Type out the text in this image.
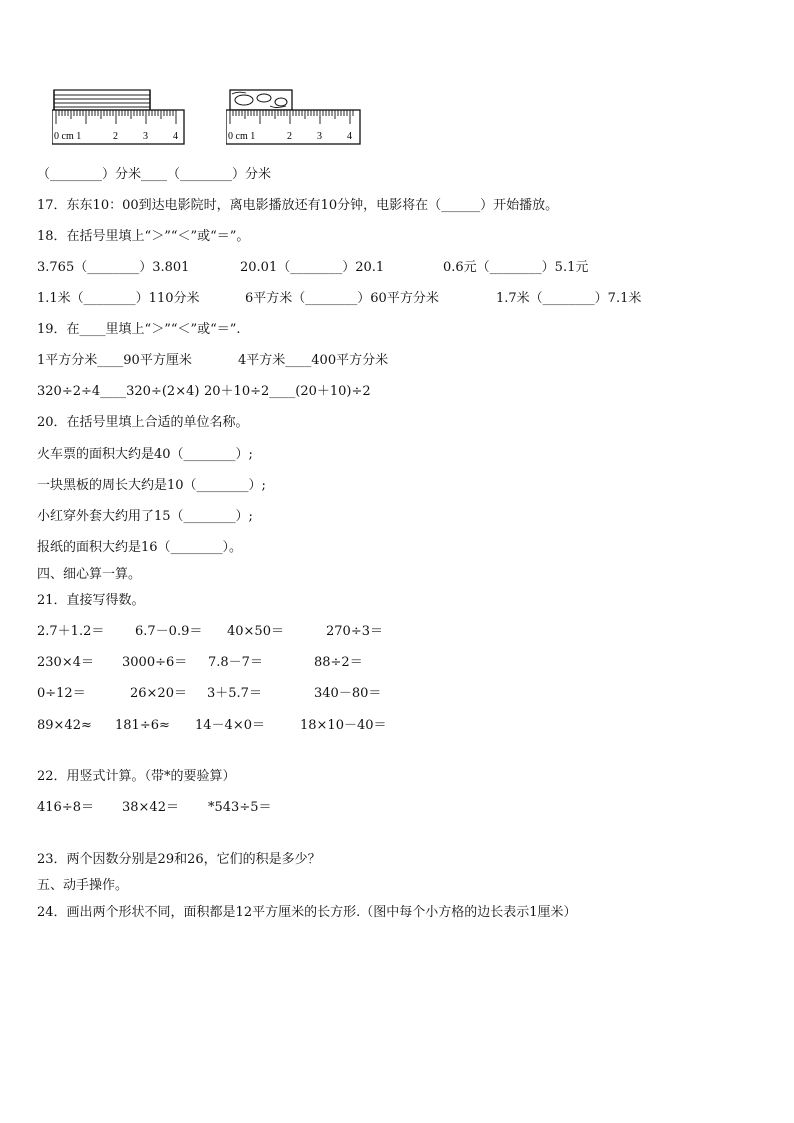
0 cm 1	2	3	4	0 cm 1	2	3	4
（________）分米____（________）分米
17．东东10：00到达电影院时，离电影播放还有10分钟，电影将在（______）开始播放。
18．在括号里填上“＞”“＜”或“＝”。
3.765（________）3.801	20.01（________）20.1	0.6元（________）5.1元
1.1米（________）110分米	6平方米（________）60平方分米	1.7米（________）7.1米
19．在____里填上“＞”“＜”或“＝”.
1平方分米____90平方厘米	4平方米____400平方分米
320÷2÷4____320÷(2×4) 20＋10÷2____(20＋10)÷2
20．在括号里填上合适的单位名称。
火车票的面积大约是40（________）;
一块黑板的周长大约是10（________）;
小红穿外套大约用了15（________）;
报纸的面积大约是16（________）。
四、细心算一算。
21．直接写得数。
2.7＋1.2＝ 6.7－0.9＝ 40×50＝	270÷3＝
230×4＝ 3000÷6＝ 7.8－7＝	88÷2＝
0÷12＝	26×20＝ 3＋5.7＝	340－80＝
89×42≈ 181÷6≈ 14－4×0＝	18×10－40＝
22．用竖式计算。（带*的要验算）
416÷8＝ 38×42＝ *543÷5＝
23．两个因数分别是29和26，它们的积是多少？
五、动手操作。
24．画出两个形状不同，面积都是12平方厘米的长方形.（图中每个小方格的边长表示1厘米）
